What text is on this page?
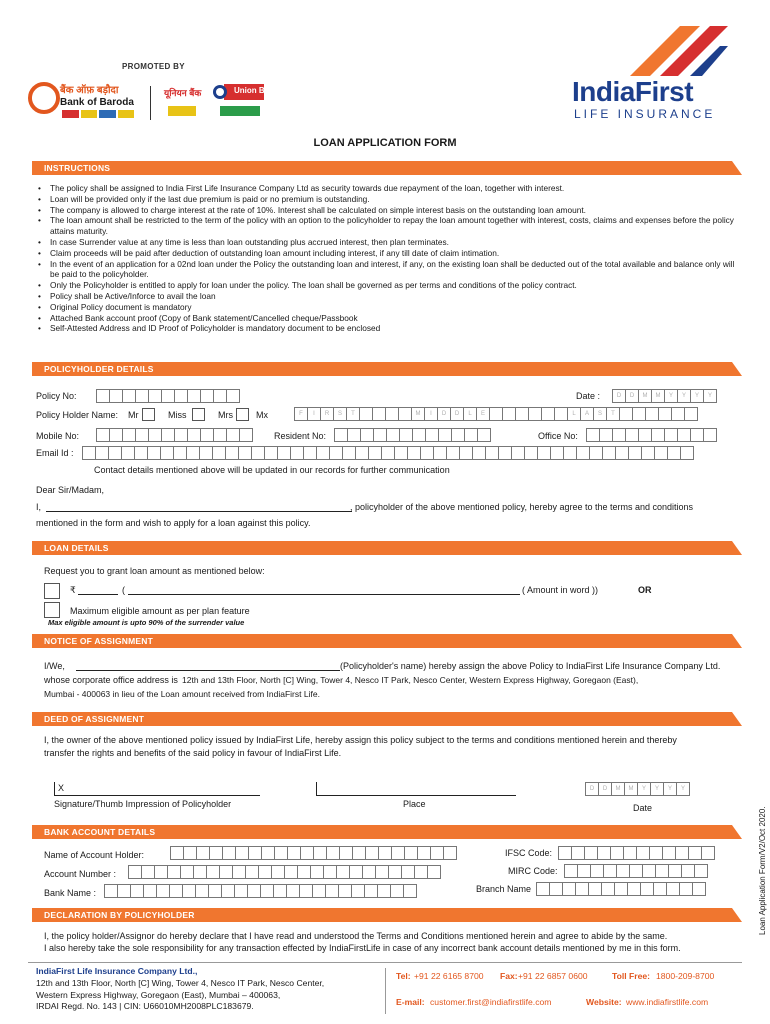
PROMOTED BY
बैंक ऑफ़ बड़ौदा
Bank of Baroda
यूनियन बैंक	Union Bank	IndiaFirst
LIFE INSURANCE
LOAN APPLICATION FORM
INSTRUCTIONS
• The policy shall be assigned to India First Life Insurance Company Ltd as security towards due repayment of the loan, together with interest.
• Loan will be provided only if the last due premium is paid or no premium is outstanding.
• The company is allowed to charge interest at the rate of 10%. Interest shall be calculated on simple interest basis on the outstanding loan amount.
• The loan amount shall be restricted to the term of the policy with an option to the policyholder to repay the loan amount together with interest, costs, claims and expenses before the policy attains maturity.
• In case Surrender value at any time is less than loan outstanding plus accrued interest, then plan terminates.
• Claim proceeds will be paid after deduction of outstanding loan amount including interest, if any till date of claim intimation.
• In the event of an application for a 02nd loan under the Policy the outstanding loan and interest, if any, on the existing loan shall be deducted out of the total available and balance only will be paid to the policyholder.
• Only the Policyholder is entitled to apply for loan under the policy. The loan shall be governed as per terms and conditions of the policy contract.
• Policy shall be Active/Inforce to avail the loan
• Original Policy document is mandatory
• Attached Bank account proof (Copy of Bank statement/Cancelled cheque/Passbook
• Self-Attested Address and ID Proof of Policyholder is mandatory document to be enclosed
POLICYHOLDER DETAILS
Policy No:	Date :	D	D	M	M	Y	Y	Y	Y
Policy Holder Name: Mr	Miss	Mrs	Mx	F	I	R	S	T	M	I	D	D	L	E	L	A	S	T
Mobile No:	Resident No:	Office No:
Email Id :
Contact details mentioned above will be updated in our records for further communication
Dear Sir/Madam,
I,	, policyholder of the above mentioned policy, hereby agree to the terms and conditions
mentioned in the form and wish to apply for a loan against this policy.
LOAN DETAILS
Request you to grant loan amount as mentioned below:
₹	(	( Amount in word ))	OR
Maximum eligible amount as per plan feature
Max eligible amount is upto 90% of the surrender value
NOTICE OF ASSIGNMENT
I/We,	(Policyholder's name) hereby assign the above Policy to IndiaFirst Life Insurance Company Ltd.
whose corporate office address is 12th and 13th Floor, North [C] Wing, Tower 4, Nesco IT Park, Nesco Center, Western Express Highway, Goregaon (East),
Mumbai - 400063 in lieu of the Loan amount received from IndiaFirst Life.
DEED OF ASSIGNMENT
I, the owner of the above mentioned policy issued by IndiaFirst Life, hereby assign this policy subject to the terms and conditions mentioned herein and thereby
transfer the rights and benefits of the said policy in favour of IndiaFirst Life.
X	D	D	M	M	Y	Y	Y	Y
Signature/Thumb Impression of Policyholder	Place	Date
BANK ACCOUNT DETAILS
Name of Account Holder:	IFSC Code:
Account Number :	MIRC Code:
Bank Name :	Branch Name
DECLARATION BY POLICYHOLDER
I, the policy holder/Assignor do hereby declare that I have read and understood the Terms and Conditions mentioned herein and agree to abide by the same.
I also hereby take the sole responsibility for any transaction effected by IndiaFirstLife in case of any incorrect bank account details mentioned by me in this form.
IndiaFirst Life Insurance Company Ltd.,
12th and 13th Floor, North [C] Wing, Tower 4, Nesco IT Park, Nesco Center,
Western Express Highway, Goregaon (East), Mumbai – 400063,
IRDAI Regd. No. 143 | CIN: U66010MH2008PLC183679.
Tel: +91 22 6165 8700 Fax: +91 22 6857 0600	Toll Free: 1800-209-8700
E-mail: customer.first@indiafirstlife.com	Website: www.indiafirstlife.com
Loan Application Form/V2/Oct 2020.
